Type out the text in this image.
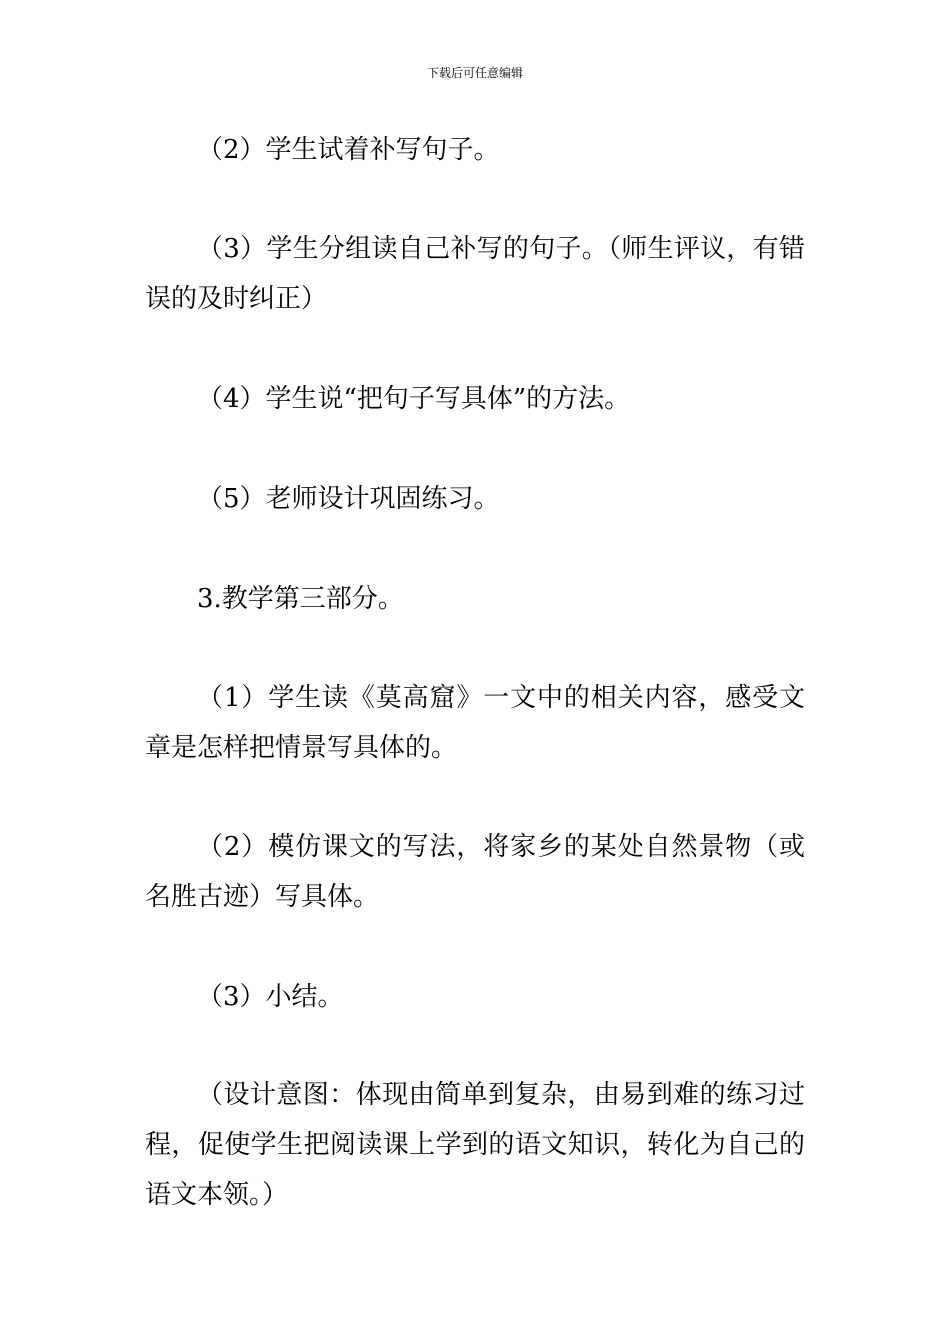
下载后可任意编辑

（2）学生试着补写句子。

（3）学生分组读自己补写的句子。（师生评议，有错误的及时纠正）

（4）学生说“把句子写具体”的方法。

（5）老师设计巩固练习。

3.教学第三部分。

（1）学生读《莫高窟》一文中的相关内容，感受文章是怎样把情景写具体的。

（2）模仿课文的写法，将家乡的某处自然景物（或名胜古迹）写具体。

（3）小结。

（设计意图：体现由简单到复杂，由易到难的练习过程，促使学生把阅读课上学到的语文知识，转化为自己的语文本领。）
